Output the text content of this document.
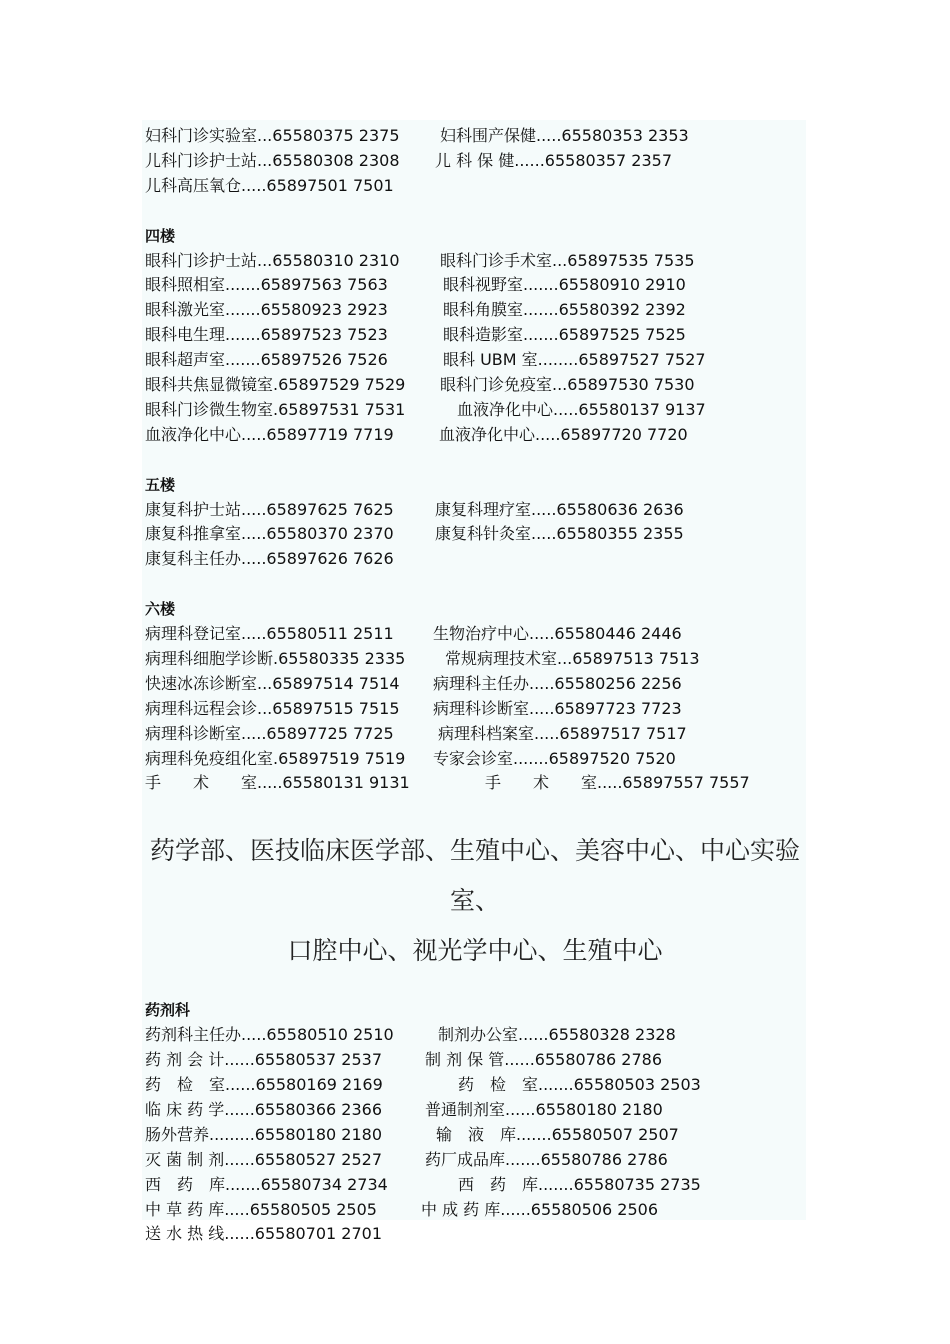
妇科门诊实验室...65580375 2375	妇科围产保健.....65580353 2353
儿科门诊护士站...65580308 2308 儿 科 保 健......65580357 2357
儿科高压氧仓.....65897501 7501
四楼
眼科门诊护士站...65580310 2310	眼科门诊手术室...65897535 7535
眼科照相室.......65897563 7563	眼科视野室.......65580910 2910
眼科激光室.......65580923 2923	眼科角膜室.......65580392 2392
眼科电生理.......65897523 7523	眼科造影室.......65897525 7525
眼科超声室.......65897526 7526	眼科 UBM 室........65897527 7527
眼科共焦显微镜室.65897529 7529 眼科门诊免疫室...65897530 7530
眼科门诊微生物室.65897531 7531	血液净化中心.....65580137 9137
血液净化中心.....65897719 7719	血液净化中心.....65897720 7720
五楼
康复科护士站.....65897625 7625	康复科理疗室.....65580636 2636
康复科推拿室.....65580370 2370	康复科针灸室.....65580355 2355
康复科主任办.....65897626 7626
六楼
病理科登记室.....65580511 2511 生物治疗中心.....65580446 2446
病理科细胞学诊断.65580335 2335 常规病理技术室...65897513 7513
快速冰冻诊断室...65897514 7514 病理科主任办.....65580256 2256
病理科远程会诊...65897515 7515 病理科诊断室.....65897723 7723
病理科诊断室.....65897725 7725	病理科档案室.....65897517 7517
病理科免疫组化室.65897519 7519 专家会诊室.......65897520 7520
手　　术　　室.....65580131 9131	手　　术　　室.....65897557 7557
药学部、医技临床医学部、生殖中心、美容中心、中心实验室、
口腔中心、视光学中心、生殖中心
药剂科
药剂科主任办.....65580510 2510	制剂办公室......65580328 2328
药 剂 会 计......65580537 2537	制 剂 保 管......65580786 2786
药　检　室......65580169 2169	药　检　室.......65580503 2503
临 床 药 学......65580366 2366	普通制剂室......65580180 2180
肠外营养.........65580180 2180	输　液　库.......65580507 2507
灭 菌 制 剂......65580527 2527	药厂成品库.......65580786 2786
西　药　库.......65580734 2734	西　药　库.......65580735 2735
中 草 药 库.....65580505 2505	中 成 药 库......65580506 2506
送 水 热 线......65580701 2701
